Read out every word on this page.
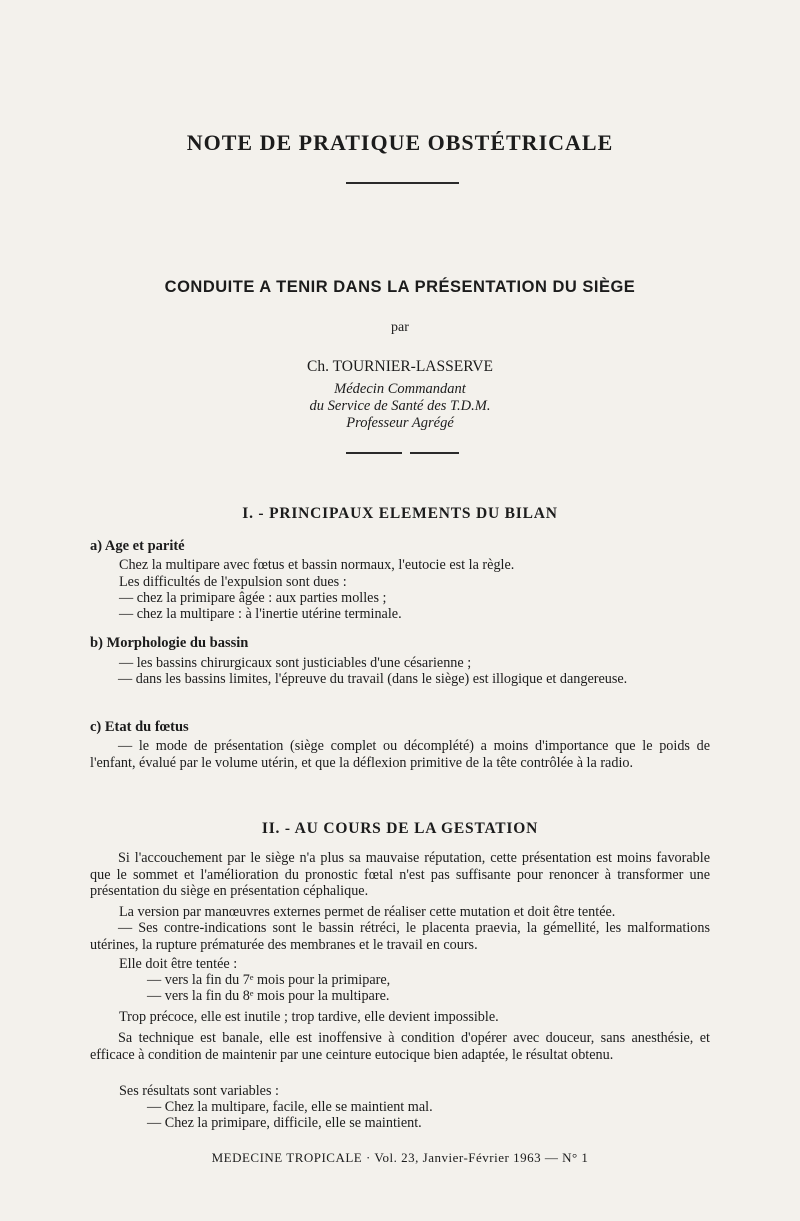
NOTE DE PRATIQUE OBSTÉTRICALE
CONDUITE A TENIR DANS LA PRÉSENTATION DU SIÈGE
par
Ch. TOURNIER-LASSERVE
Médecin Commandant
du Service de Santé des T.D.M.
Professeur Agrégé
I. - PRINCIPAUX ELEMENTS DU BILAN
a) Age et parité
Chez la multipare avec fœtus et bassin normaux, l'eutocie est la règle.
Les difficultés de l'expulsion sont dues :
— chez la primipare âgée : aux parties molles ;
— chez la multipare : à l'inertie utérine terminale.
b) Morphologie du bassin
— les bassins chirurgicaux sont justiciables d'une césarienne ;
— dans les bassins limites, l'épreuve du travail (dans le siège) est illogique et dangereuse.
c) Etat du fœtus
— le mode de présentation (siège complet ou décomplété) a moins d'importance que le poids de l'enfant, évalué par le volume utérin, et que la déflexion primitive de la tête contrôlée à la radio.
II. - AU COURS DE LA GESTATION
Si l'accouchement par le siège n'a plus sa mauvaise réputation, cette présentation est moins favorable que le sommet et l'amélioration du pronostic fœtal n'est pas suffisante pour renoncer à transformer une présentation du siège en présentation céphalique.
La version par manœuvres externes permet de réaliser cette mutation et doit être tentée.
— Ses contre-indications sont le bassin rétréci, le placenta praevia, la gémellité, les malformations utérines, la rupture prématurée des membranes et le travail en cours.
Elle doit être tentée :
— vers la fin du 7ᵉ mois pour la primipare,
— vers la fin du 8ᵉ mois pour la multipare.
Trop précoce, elle est inutile ; trop tardive, elle devient impossible.
Sa technique est banale, elle est inoffensive à condition d'opérer avec douceur, sans anesthésie, et efficace à condition de maintenir par une ceinture eutocique bien adaptée, le résultat obtenu.
Ses résultats sont variables :
— Chez la multipare, facile, elle se maintient mal.
— Chez la primipare, difficile, elle se maintient.
MEDECINE TROPICALE · Vol. 23, Janvier-Février 1963 — N° 1
